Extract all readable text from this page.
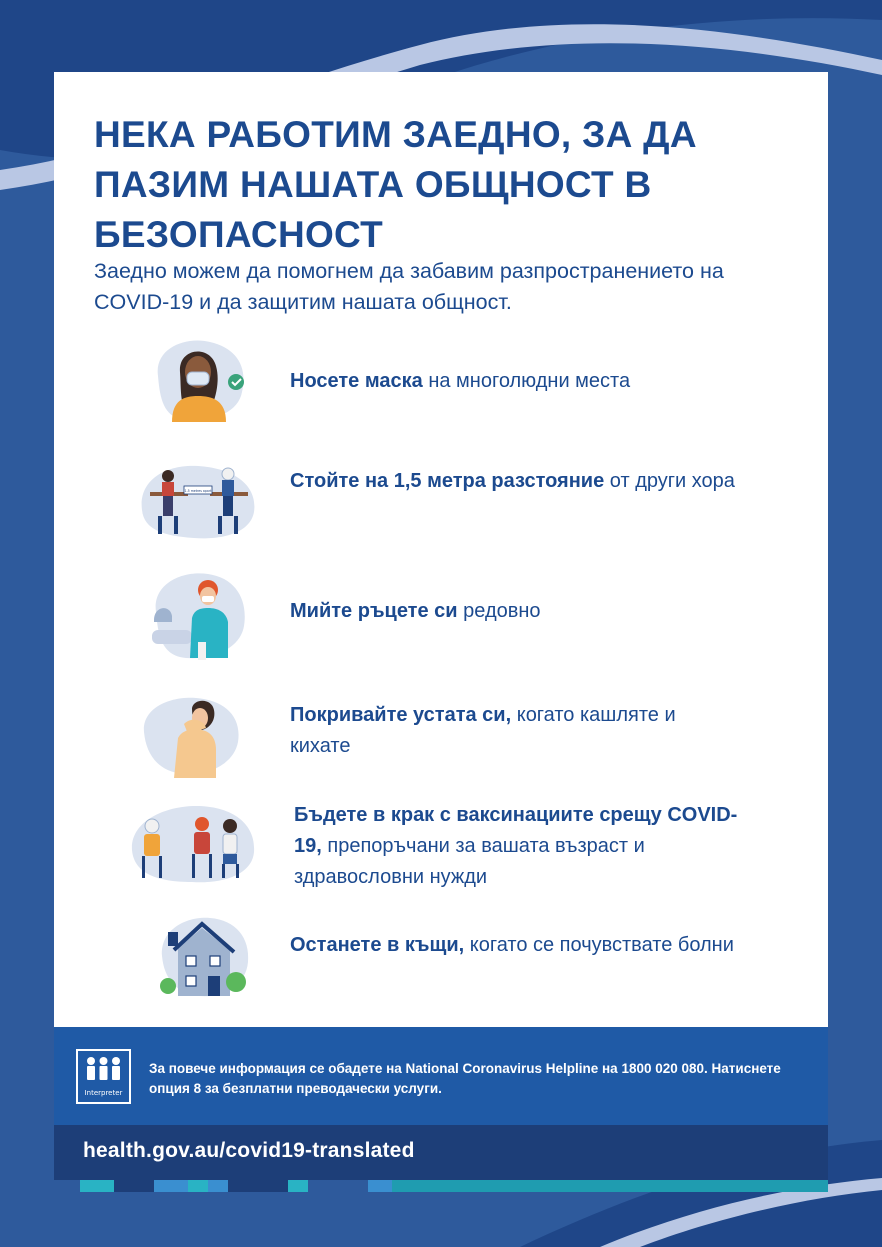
НЕКА РАБОТИМ ЗАЕДНО, ЗА ДА ПАЗИМ НАШАТА ОБЩНОСТ В БЕЗОПАСНОСТ

Заедно можем да помогнем да забавим разпространението на COVID-19 и да защитим нашата общност.

Носете маска на многолюдни места
1.5 metres apart	Стойте на 1,5 метра разстояние от други хора
Мийте ръцете си редовно
Покривайте устата си, когато кашляте и кихате
Бъдете в крак с ваксинациите срещу COVID-19, препоръчани за вашата възраст и здравословни нужди
Останете в къщи, когато се почувствате болни
Interpreter

За повече информация се обадете на National Coronavirus Helpline на 1800 020 080. Натиснете опция 8 за безплатни преводачески услуги.

health.gov.au/covid19-translated
